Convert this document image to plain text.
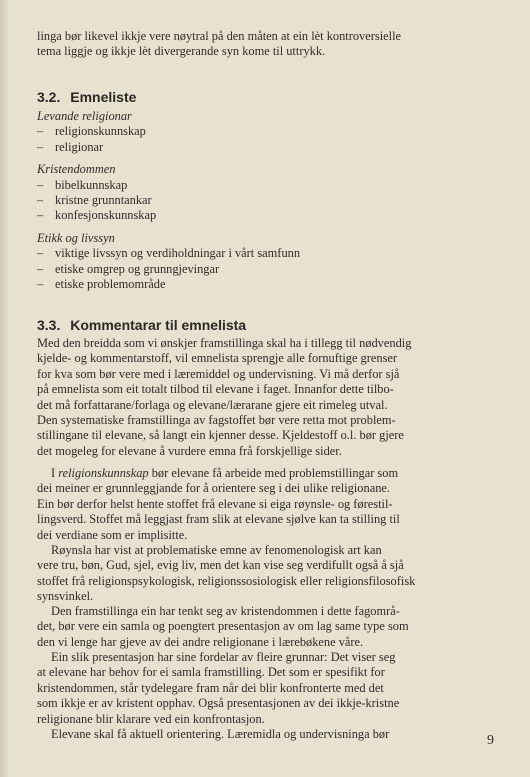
linga bør likevel ikkje vere nøytral på den måten at ein lèt kontroversielle
tema liggje og ikkje lèt divergerande syn kome til uttrykk.
3.2. Emneliste
Levande religionar
– religionskunnskap
– religionar
Kristendommen
– bibelkunnskap
– kristne grunntankar
– konfesjonskunnskap
Etikk og livssyn
– viktige livssyn og verdiholdningar i vårt samfunn
– etiske omgrep og grunngjevingar
– etiske problemområde
3.3. Kommentarar til emnelista
Med den breidda som vi ønskjer framstillinga skal ha i tillegg til nødvendig
kjelde- og kommentarstoff, vil emnelista sprengje alle fornuftige grenser
for kva som bør vere med i læremiddel og undervisning. Vi må derfor sjå
på emnelista som eit totalt tilbod til elevane i faget. Innanfor dette tilbo-
det må forfattarane/forlaga og elevane/lærarane gjere eit rimeleg utval.
Den systematiske framstillinga av fagstoffet bør vere retta mot problem-
stillingane til elevane, så langt ein kjenner desse. Kjeldestoff o.l. bør gjere
det mogeleg for elevane å vurdere emna frå forskjellige sider.
I religionskunnskap bør elevane få arbeide med problemstillingar som
dei meiner er grunnleggjande for å orientere seg i dei ulike religionane.
Ein bør derfor helst hente stoffet frå elevane si eiga røynsle- og førestil-
lingsverd. Stoffet må leggjast fram slik at elevane sjølve kan ta stilling til
dei verdiane som er implisitte.
Røynsla har vist at problematiske emne av fenomenologisk art kan
vere tru, bøn, Gud, sjel, evig liv, men det kan vise seg verdifullt også å sjå
stoffet frå religionspsykologisk, religionssosiologisk eller religionsfilosofisk
synsvinkel.
Den framstillinga ein har tenkt seg av kristendommen i dette fagområ-
det, bør vere ein samla og poengtert presentasjon av om lag same type som
den vi lenge har gjeve av dei andre religionane i lærebøkene våre.
Ein slik presentasjon har sine fordelar av fleire grunnar: Det viser seg
at elevane har behov for ei samla framstilling. Det som er spesifikt for
kristendommen, står tydelegare fram når dei blir konfronterte med det
som ikkje er av kristent opphav. Også presentasjonen av dei ikkje-kristne
religionane blir klarare ved ein konfrontasjon.
Elevane skal få aktuell orientering. Læremidla og undervisninga bør	9
